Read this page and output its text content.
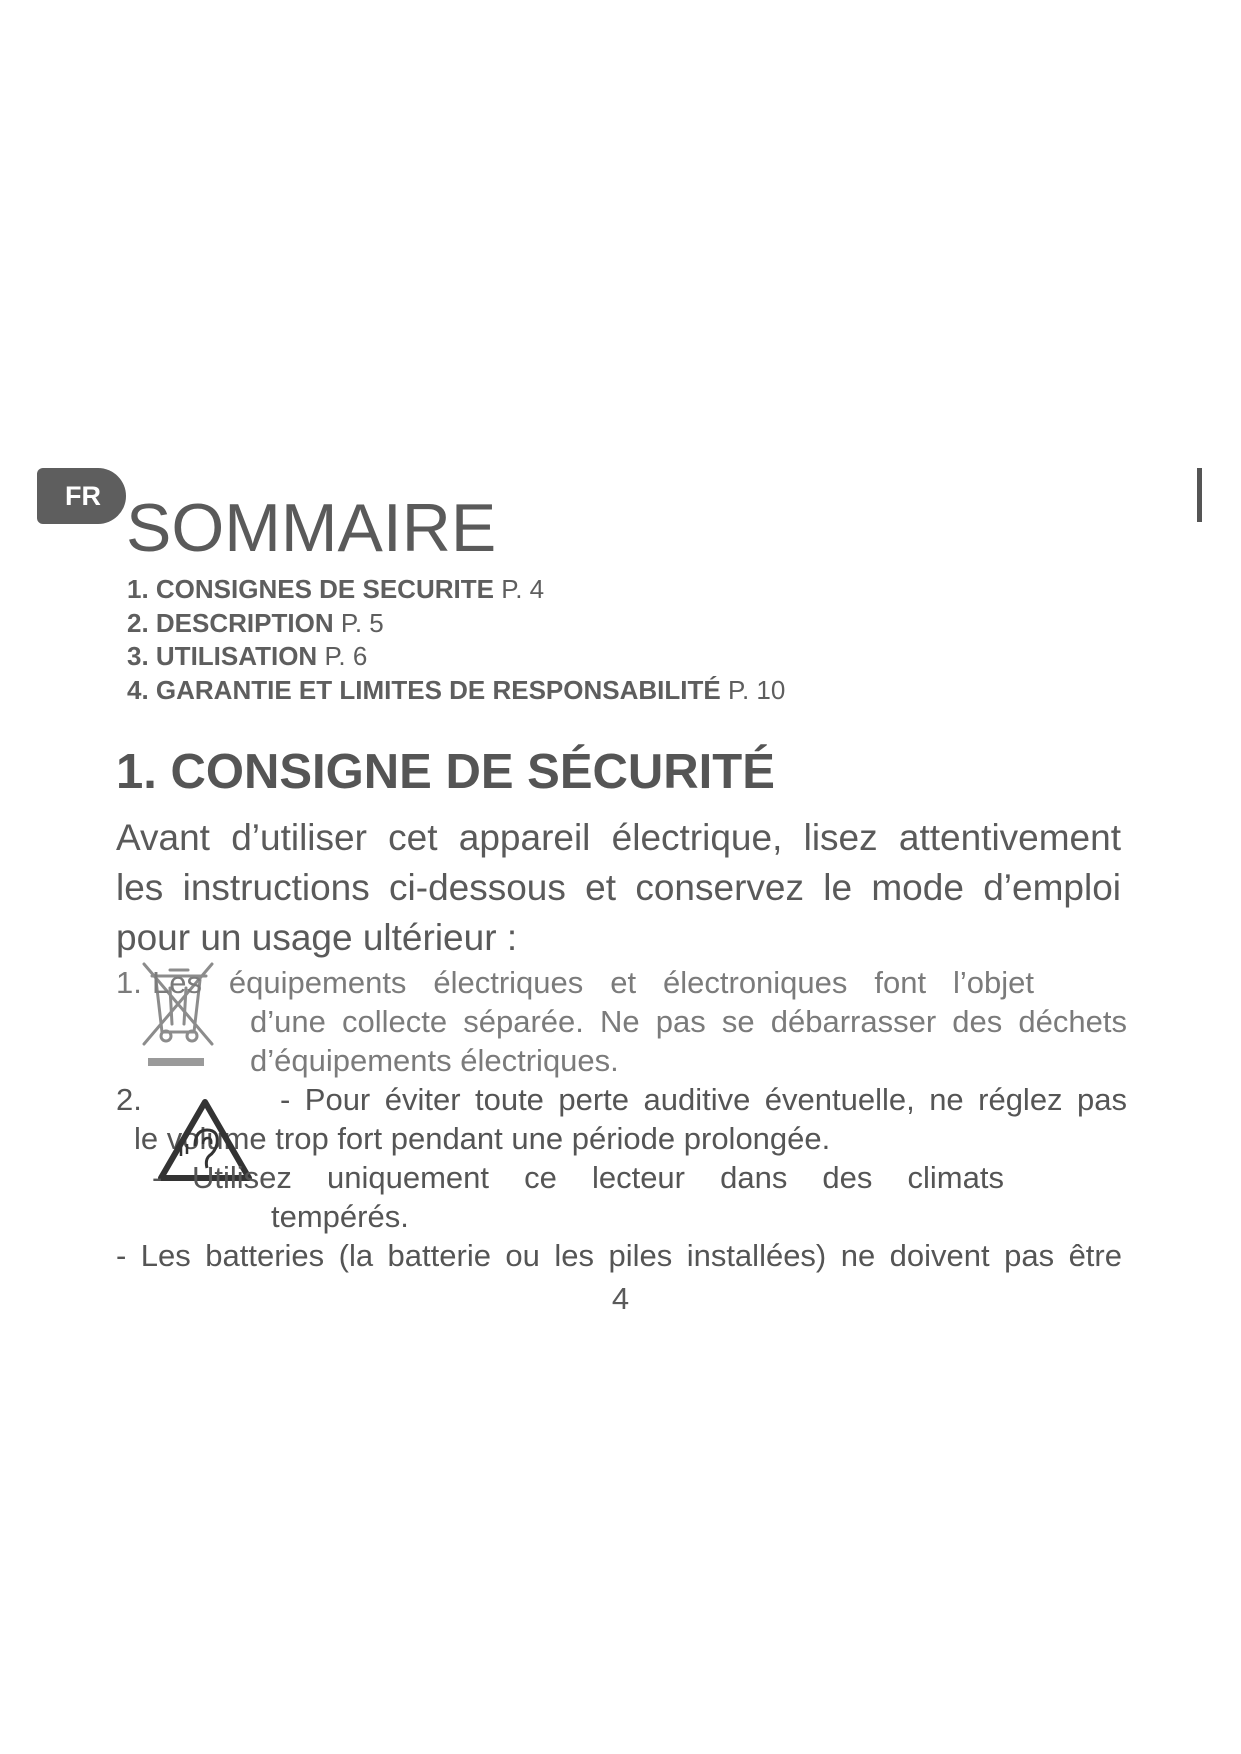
FR SOMMAIRE
1. CONSIGNES DE SECURITE P. 4
2. DESCRIPTION P. 5
3. UTILISATION P. 6
4. GARANTIE ET LIMITES DE RESPONSABILITÉ P. 10
1. CONSIGNE DE SÉCURITÉ
Avant d’utiliser cet appareil électrique, lisez attentivement
les instructions ci-dessous et conservez le mode d’emploi
pour un usage ultérieur :
1. Les équipements électriques et électroniques font l’objet
d’une collecte séparée. Ne pas se débarrasser des déchets
d’équipements électriques.
2.	- Pour éviter toute perte auditive éventuelle, ne réglez pas
le volume trop fort pendant une période prolongée.
- Utilisez uniquement ce lecteur dans des climats
tempérés.
- Les batteries (la batterie ou les piles installées) ne doivent pas être
4
